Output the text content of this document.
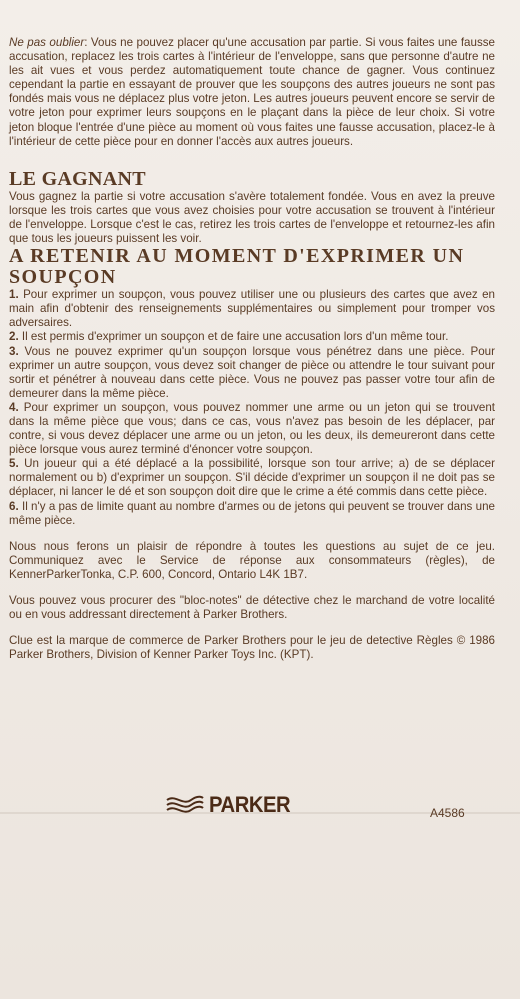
Ne pas oublier: Vous ne pouvez placer qu'une accusation par partie. Si vous faites une fausse accusation, replacez les trois cartes à l'intérieur de l'enveloppe, sans que personne d'autre ne les ait vues et vous perdez automatiquement toute chance de gagner. Vous continuez cependant la partie en essayant de prouver que les soupçons des autres joueurs ne sont pas fondés mais vous ne déplacez plus votre jeton. Les autres joueurs peuvent encore se servir de votre jeton pour exprimer leurs soupçons en le plaçant dans la pièce de leur choix. Si votre jeton bloque l'entrée d'une pièce au moment où vous faites une fausse accusation, placez-le à l'intérieur de cette pièce pour en donner l'accès aux autres joueurs.

LE GAGNANT

Vous gagnez la partie si votre accusation s'avère totalement fondée. Vous en avez la preuve lorsque les trois cartes que vous avez choisies pour votre accusation se trouvent à l'intérieur de l'enveloppe. Lorsque c'est le cas, retirez les trois cartes de l'enveloppe et retournez-les afin que tous les joueurs puissent les voir.

A RETENIR AU MOMENT D'EXPRIMER UN SOUPÇON

1. Pour exprimer un soupçon, vous pouvez utiliser une ou plusieurs des cartes que avez en main afin d'obtenir des renseignements supplémentaires ou simplement pour tromper vos adversaires.

2. Il est permis d'exprimer un soupçon et de faire une accusation lors d'un même tour.

3. Vous ne pouvez exprimer qu'un soupçon lorsque vous pénétrez dans une pièce. Pour exprimer un autre soupçon, vous devez soit changer de pièce ou attendre le tour suivant pour sortir et pénétrer à nouveau dans cette pièce. Vous ne pouvez pas passer votre tour afin de demeurer dans la même pièce.

4. Pour exprimer un soupçon, vous pouvez nommer une arme ou un jeton qui se trouvent dans la même pièce que vous; dans ce cas, vous n'avez pas besoin de les déplacer, par contre, si vous devez déplacer une arme ou un jeton, ou les deux, ils demeureront dans cette pièce lorsque vous aurez terminé d'énoncer votre soupçon.

5. Un joueur qui a été déplacé a la possibilité, lorsque son tour arrive; a) de se déplacer normalement ou b) d'exprimer un soupçon. S'il décide d'exprimer un soupçon il ne doit pas se déplacer, ni lancer le dé et son soupçon doit dire que le crime a été commis dans cette pièce.

6. Il n'y a pas de limite quant au nombre d'armes ou de jetons qui peuvent se trouver dans une même pièce.

Nous nous ferons un plaisir de répondre à toutes les questions au sujet de ce jeu. Communiquez avec le Service de réponse aux consommateurs (règles), de KennerParkerTonka, C.P. 600, Concord, Ontario L4K 1B7.

Vous pouvez vous procurer des "bloc-notes" de détective chez le marchand de votre localité ou en vous addressant directement à Parker Brothers.

Clue est la marque de commerce de Parker Brothers pour le jeu de detective Règles © 1986 Parker Brothers, Division of Kenner Parker Toys Inc. (KPT).

PARKER	A4586
